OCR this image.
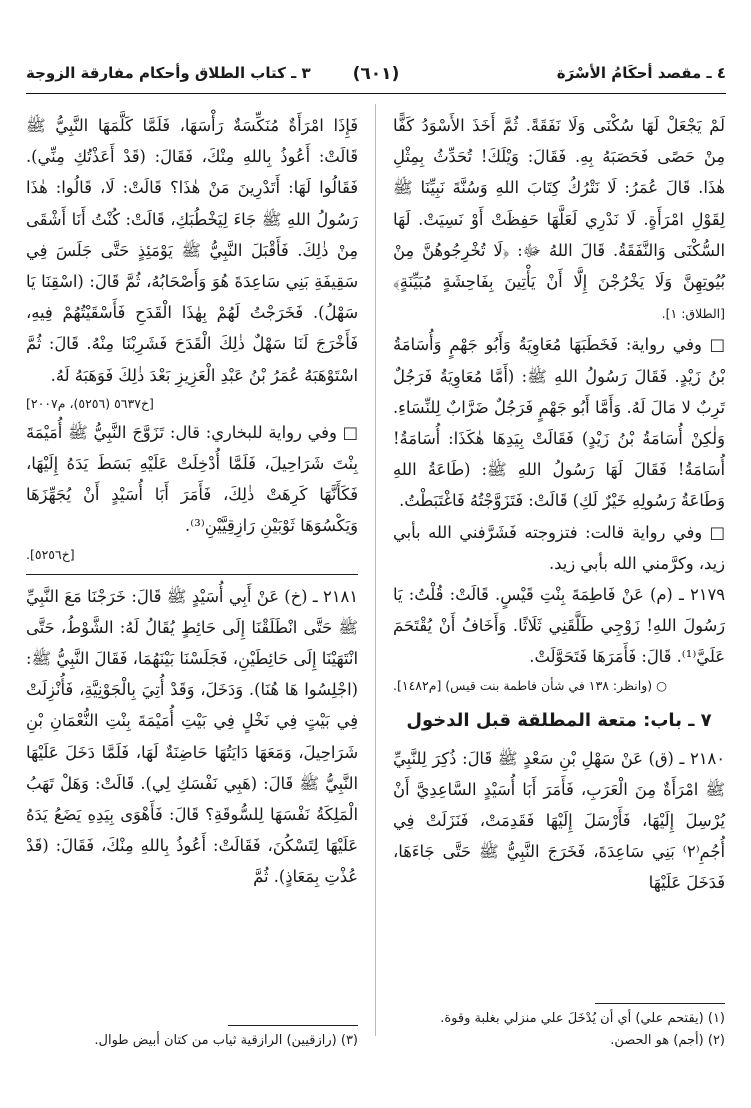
٤ ـ مقصد أحكَامُ الأسْرَة
(٦٠١)
٣ ـ كتاب الطلاق وأحكام مفارقة الزوجة

لَمْ يَجْعَلْ لَهَا سُكْنَى وَلَا نَفَقَةً. ثُمَّ أَخَذَ الأَسْوَدُ كَفًّا مِنْ حَصًى فَحَصَبَهُ بِهِ. فَقَالَ: وَيْلَكَ! تُحَدِّثُ بِمِثْلِ هٰذَا. قَالَ عُمَرُ: لَا نَتْرُكُ كِتَابَ اللهِ وَسُنَّةَ نَبِيِّنَا ﷺ لِقَوْلِ امْرَأَةٍ. لَا نَدْرِي لَعَلَّهَا حَفِظَتْ أَوْ نَسِيَتْ. لَهَا السُّكْنَى وَالنَّفَقَةُ. قَالَ اللهُ ﷻ: ﴿لَا تُخْرِجُوهُنَّ مِنْ بُيُوتِهِنَّ وَلَا يَخْرُجْنَ إِلَّا أَنْ يَأْتِينَ بِفَاحِشَةٍ مُبَيِّنَةٍ﴾ [الطلاق: ١].

□ وفي رواية: فَخَطَبَهَا مُعَاوِيَةُ وَأَبُو جَهْمٍ وَأُسَامَةُ بْنُ زَيْدٍ. فَقَالَ رَسُولُ اللهِ ﷺ: (أَمَّا مُعَاوِيَةُ فَرَجُلٌ تَرِبٌ لا مَالَ لَهُ. وَأَمَّا أَبُو جَهْمٍ فَرَجُلٌ ضَرَّابٌ لِلنِّسَاءِ. وَلٰكِنْ أُسَامَةُ بْنُ زَيْدٍ) فَقَالَتْ بِيَدِهَا هٰكَذَا: أُسَامَةُ! أُسَامَةُ! فَقَالَ لَهَا رَسُولُ اللهِ ﷺ: (طَاعَةُ اللهِ وَطَاعَةُ رَسُولِهِ خَيْرٌ لَكِ) قَالَتْ: فَتَزَوَّجْتُهُ فَاغْتَبَطْتُ.

□ وفي رواية قالت: فتزوجته فَشَرَّفني الله بأبي زيد، وكرَّمني الله بأبي زيد.

٢١٧٩ ـ (م) عَنْ فَاطِمَةَ بِنْتِ قَيْسٍ. قَالَتْ: قُلْتُ: يَا رَسُولَ اللهِ! زَوْجِي طَلَّقَنِي ثَلَاثًا. وَأَخَافُ أَنْ يُقْتَحَمَ عَلَيَّ⁽¹⁾. قَالَ: فَأَمَرَهَا فَتَحَوَّلَتْ.

○ (وانظر: ١٣٨ في شأن فاطمة بنت قيس) [م١٤٨٢].

٧ ـ باب: متعة المطلقة قبل الدخول

٢١٨٠ ـ (ق) عَنْ سَهْلِ بْنِ سَعْدٍ ﷺ قَالَ: ذُكِرَ لِلنَّبِيِّ ﷺ امْرَأَةٌ مِنَ الْعَرَبِ، فَأَمَرَ أَبَا أُسَيْدٍ السَّاعِدِيَّ أَنْ يُرْسِلَ إِلَيْهَا، فَأَرْسَلَ إِلَيْهَا فَقَدِمَتْ، فَنَزَلَتْ فِي أُجُمِ⁽٢⁾ بَنِي سَاعِدَةَ، فَخَرَجَ النَّبِيُّ ﷺ حَتَّى جَاءَهَا، فَدَخَلَ عَلَيْهَا

فَإِذَا امْرَأَةٌ مُنَكِّسَةٌ رَأْسَهَا، فَلَمَّا كَلَّمَهَا النَّبِيُّ ﷺ قَالَتْ: أَعُوذُ بِاللهِ مِنْكَ، فَقَالَ: (قَدْ أَعَذْتُكِ مِنِّي). فَقَالُوا لَهَا: أَتَدْرِينَ مَنْ هٰذَا؟ قَالَتْ: لَا، قَالُوا: هٰذَا رَسُولُ اللهِ ﷺ جَاءَ لِيَخْطُبَكِ، قَالَتْ: كُنْتُ أَنَا أَشْقَى مِنْ ذٰلِكَ. فَأَقْبَلَ النَّبِيُّ ﷺ يَوْمَئِذٍ حَتَّى جَلَسَ فِي سَقِيفَةِ بَنِي سَاعِدَةَ هُوَ وَأَصْحَابُهُ، ثُمَّ قَالَ: (اسْقِنَا يَا سَهْلُ). فَخَرَجْتُ لَهُمْ بِهٰذَا الْقَدَحِ فَأَسْقَيْتُهُمْ فِيهِ، فَأَخْرَجَ لَنَا سَهْلٌ ذٰلِكَ الْقَدَحَ فَشَرِبْنَا مِنْهُ. قَالَ: ثُمَّ اسْتَوْهَبَهُ عُمَرُ بْنُ عَبْدِ الْعَزِيزِ بَعْدَ ذٰلِكَ فَوَهَبَهُ لَهُ.

[خ٥٦٣٧ (٥٢٥٦)، م٢٠٠٧]

□ وفي رواية للبخاري: قال: تَزَوَّجَ النَّبِيُّ ﷺ أُمَيْمَةَ بِنْتَ شَرَاحِيلَ، فَلَمَّا أُدْخِلَتْ عَلَيْهِ بَسَطَ يَدَهُ إِلَيْهَا، فَكَأَنَّهَا كَرِهَتْ ذٰلِكَ، فَأَمَرَ أَبَا أُسَيْدٍ أَنْ يُجَهِّزَهَا وَيَكْسُوَهَا ثَوْبَيْنِ رَازِقِيَّيْنِ⁽³⁾.

[خ٥٢٥٦].

٢١٨١ ـ (خ) عَنْ أَبِي أُسَيْدٍ ﷺ قَالَ: خَرَجْنَا مَعَ النَّبِيِّ ﷺ حَتَّى انْطَلَقْنَا إِلَى حَائِطٍ يُقَالُ لَهُ: الشَّوْطُ، حَتَّى انْتَهَيْنَا إِلَى حَائِطَيْنِ، فَجَلَسْنَا بَيْنَهُمَا، فَقَالَ النَّبِيُّ ﷺ: (اجْلِسُوا هَا هُنَا). وَدَخَلَ، وَقَدْ أُتِيَ بِالْجَوْنِيَّةِ، فَأُنْزِلَتْ فِي بَيْتٍ فِي نَخْلٍ فِي بَيْتِ أُمَيْمَةَ بِنْتِ النُّعْمَانِ بْنِ شَرَاحِيلَ، وَمَعَهَا دَايَتُهَا حَاضِنَةٌ لَهَا، فَلَمَّا دَخَلَ عَلَيْهَا النَّبِيُّ ﷺ قَالَ: (هَبِي نَفْسَكِ لِي). قَالَتْ: وَهَلْ تَهَبُ الْمَلِكَةُ نَفْسَهَا لِلسُّوقَةِ؟ قَالَ: فَأَهْوَى بِيَدِهِ يَضَعُ يَدَهُ عَلَيْهَا لِتَسْكُنَ، فَقَالَتْ: أَعُوذُ بِاللهِ مِنْكَ، فَقَالَ: (قَدْ عُذْتِ بِمَعَاذٍ). ثُمَّ

(١) (يقتحم علي) أي أن يُدْخَلَ علي منزلي بغلبة وقوة.

(٢) (أجم) هو الحصن.

(٣) (رازقيين) الرازقية ثياب من كتان أبيض طوال.
